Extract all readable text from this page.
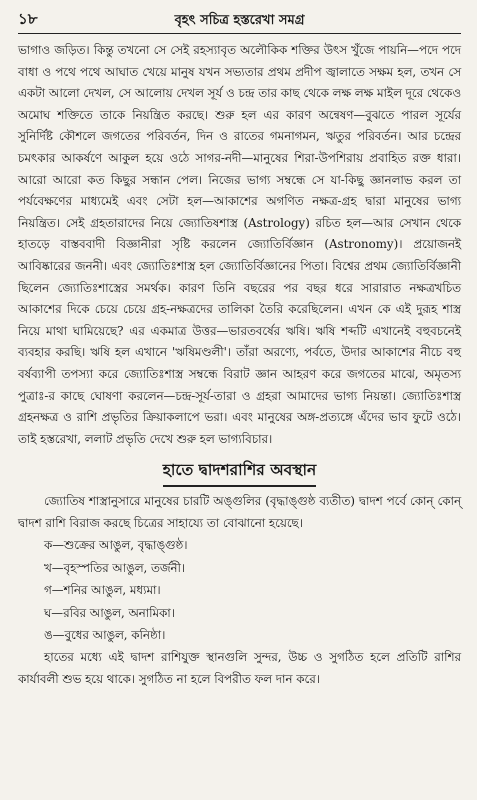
১৮	বৃহৎ সচিত্র হস্তরেখা সমগ্র

ভাগাও জড়িত। কিন্তু তখনো সে সেই রহস্যাবৃত অলৌকিক শক্তির উৎস খুঁজে পায়নি—পদে পদে বাধা ও পথে পথে আঘাত খেয়ে মানুষ যখন সভ্যতার প্রথম প্রদীপ জ্বালাতে সক্ষম হল, তখন সে একটা আলো দেখল, সে আলোয় দেখল সূর্য ও চন্দ্র তার কাছ থেকে লক্ষ লক্ষ মাইল দূরে থেকেও অমোঘ শক্তিতে তাকে নিয়ন্ত্রিত করছে। শুরু হল এর কারণ অন্বেষণ—বুঝতে পারল সূর্যের সুনির্দিষ্ট কৌশলে জগতের পরিবর্তন, দিন ও রাতের গমনাগমন, ঋতুর পরিবর্তন। আর চন্দ্রের চমৎকার আকর্ষণে আকুল হয়ে ওঠে সাগর-নদী—মানুষের শিরা-উপশিরায় প্রবাহিত রক্ত ধারা। আরো আরো কত কিছুর সন্ধান পেল। নিজের ভাগ্য সম্বন্ধে সে যা-কিছু জ্ঞানলাভ করল তা পর্যবেক্ষণের মাধ্যমেই এবং সেটা হল—আকাশের অগণিত নক্ষত্র-গ্রহ দ্বারা মানুষের ভাগ্য নিয়ন্ত্রিত। সেই গ্রহতারাদের নিয়ে জ্যোতিষশাস্ত্র (Astrology) রচিত হল—আর সেখান থেকে হাতড়ে বাস্তববাদী বিজ্ঞানীরা সৃষ্টি করলেন জ্যোতির্বিজ্ঞান (Astronomy)। প্রয়োজনই আবিষ্কারের জননী। এবং জ্যোতিঃশাস্ত্র হল জ্যোতির্বিজ্ঞানের পিতা। বিশ্বের প্রথম জ্যোতির্বিজ্ঞানী ছিলেন জ্যোতিঃশাস্ত্রের সমর্থক। কারণ তিনি বছরের পর বছর ধরে সারারাত নক্ষত্রখচিত আকাশের দিকে চেয়ে চেয়ে গ্রহ-নক্ষত্রদের তালিকা তৈরি করেছিলেন। এখন কে এই দুরূহ শাস্ত্র নিয়ে মাথা ঘামিয়েছে? এর একমাত্র উত্তর—ভারতবর্ষের ঋষি। ঋষি শব্দটি এখানেই বহুবচনেই ব্যবহার করছি। ঋষি হল এখানে 'ঋষিমণ্ডলী'। তাঁরা অরণ্যে, পর্বতে, উদার আকাশের নীচে বহু বর্ষব্যাপী তপস্যা করে জ্যোতিঃশাস্ত্র সম্বন্ধে বিরাট জ্ঞান আহরণ করে জগতের মাঝে, অমৃতস্য পুত্রাঃ-র কাছে ঘোষণা করলেন—চন্দ্র-সূর্য-তারা ও গ্রহরা আমাদের ভাগ্য নিয়ন্তা। জ্যোতিঃশাস্ত্র গ্রহনক্ষত্র ও রাশি প্রভৃতির ক্রিয়াকলাপে ভরা। এবং মানুষের অঙ্গ-প্রত্যঙ্গে এঁদের ভাব ফুটে ওঠে। তাই হস্তরেখা, ললাট প্রভৃতি দেখে শুরু হল ভাগ্যবিচার।

হাতে দ্বাদশরাশির অবস্থান

জ্যোতিষ শাস্ত্রানুসারে মানুষের চারটি অঙ্গুলির (বৃদ্ধাঙ্গুষ্ঠ ব্যতীত) দ্বাদশ পর্বে কোন্ কোন্ দ্বাদশ রাশি বিরাজ করছে চিত্রের সাহায্যে তা বোঝানো হয়েছে।

ক—শুক্রের আঙুল, বৃদ্ধাঙ্গুষ্ঠ।
খ—বৃহস্পতির আঙুল, তর্জনী।
গ—শনির আঙুল, মধ্যমা।
ঘ—রবির আঙুল, অনামিকা।
ঙ—বুধের আঙুল, কনিষ্ঠা।

হাতের মধ্যে এই দ্বাদশ রাশিযুক্ত স্থানগুলি সুন্দর, উচ্চ ও সুগঠিত হলে প্রতিটি রাশির কার্যাবলী শুভ হয়ে থাকে। সুগঠিত না হলে বিপরীত ফল দান করে।
